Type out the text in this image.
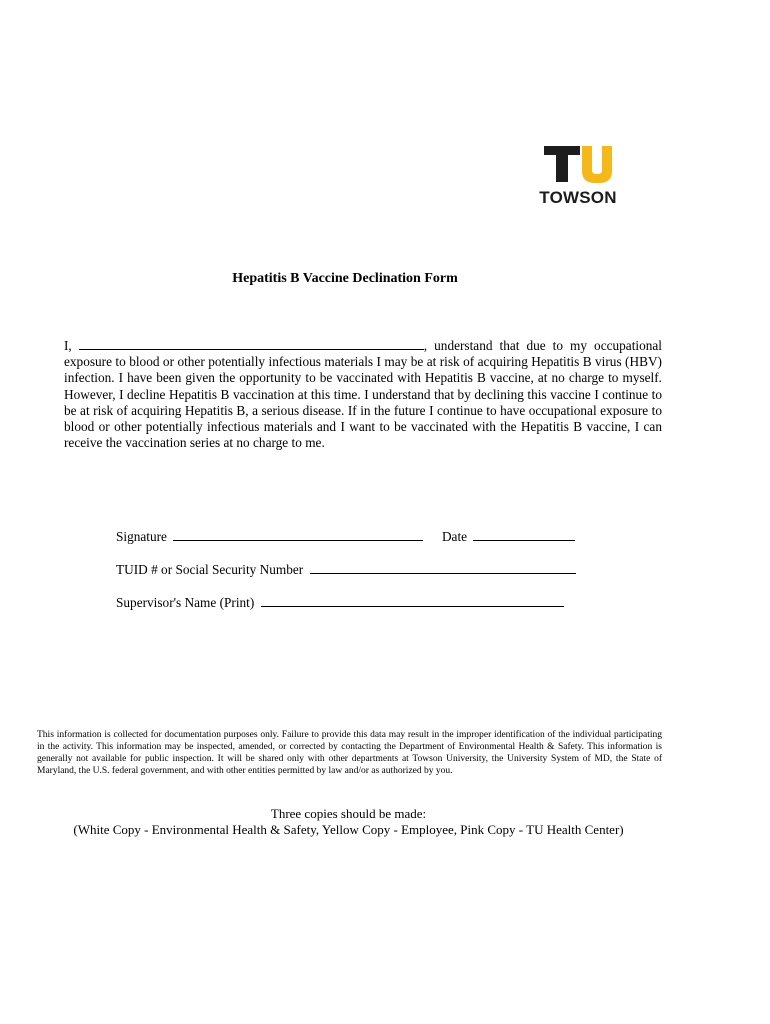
TOWSON
Hepatitis B Vaccine Declination Form
I,	, understand that due to my occupational exposure to blood or other potentially infectious materials I may be at risk of acquiring Hepatitis B virus (HBV) infection. I have been given the opportunity to be vaccinated with Hepatitis B vaccine, at no charge to myself. However, I decline Hepatitis B vaccination at this time. I understand that by declining this vaccine I continue to be at risk of acquiring Hepatitis B, a serious disease. If in the future I continue to have occupational exposure to blood or other potentially infectious materials and I want to be vaccinated with the Hepatitis B vaccine, I can receive the vaccination series at no charge to me.
Signature	Date
TUID # or Social Security Number
Supervisor's Name (Print)
This information is collected for documentation purposes only. Failure to provide this data may result in the improper identification of the individual participating in the activity. This information may be inspected, amended, or corrected by contacting the Department of Environmental Health & Safety. This information is generally not available for public inspection. It will be shared only with other departments at Towson University, the University System of MD, the State of Maryland, the U.S. federal government, and with other entities permitted by law and/or as authorized by you.
Three copies should be made:
(White Copy - Environmental Health & Safety, Yellow Copy - Employee, Pink Copy - TU Health Center)
